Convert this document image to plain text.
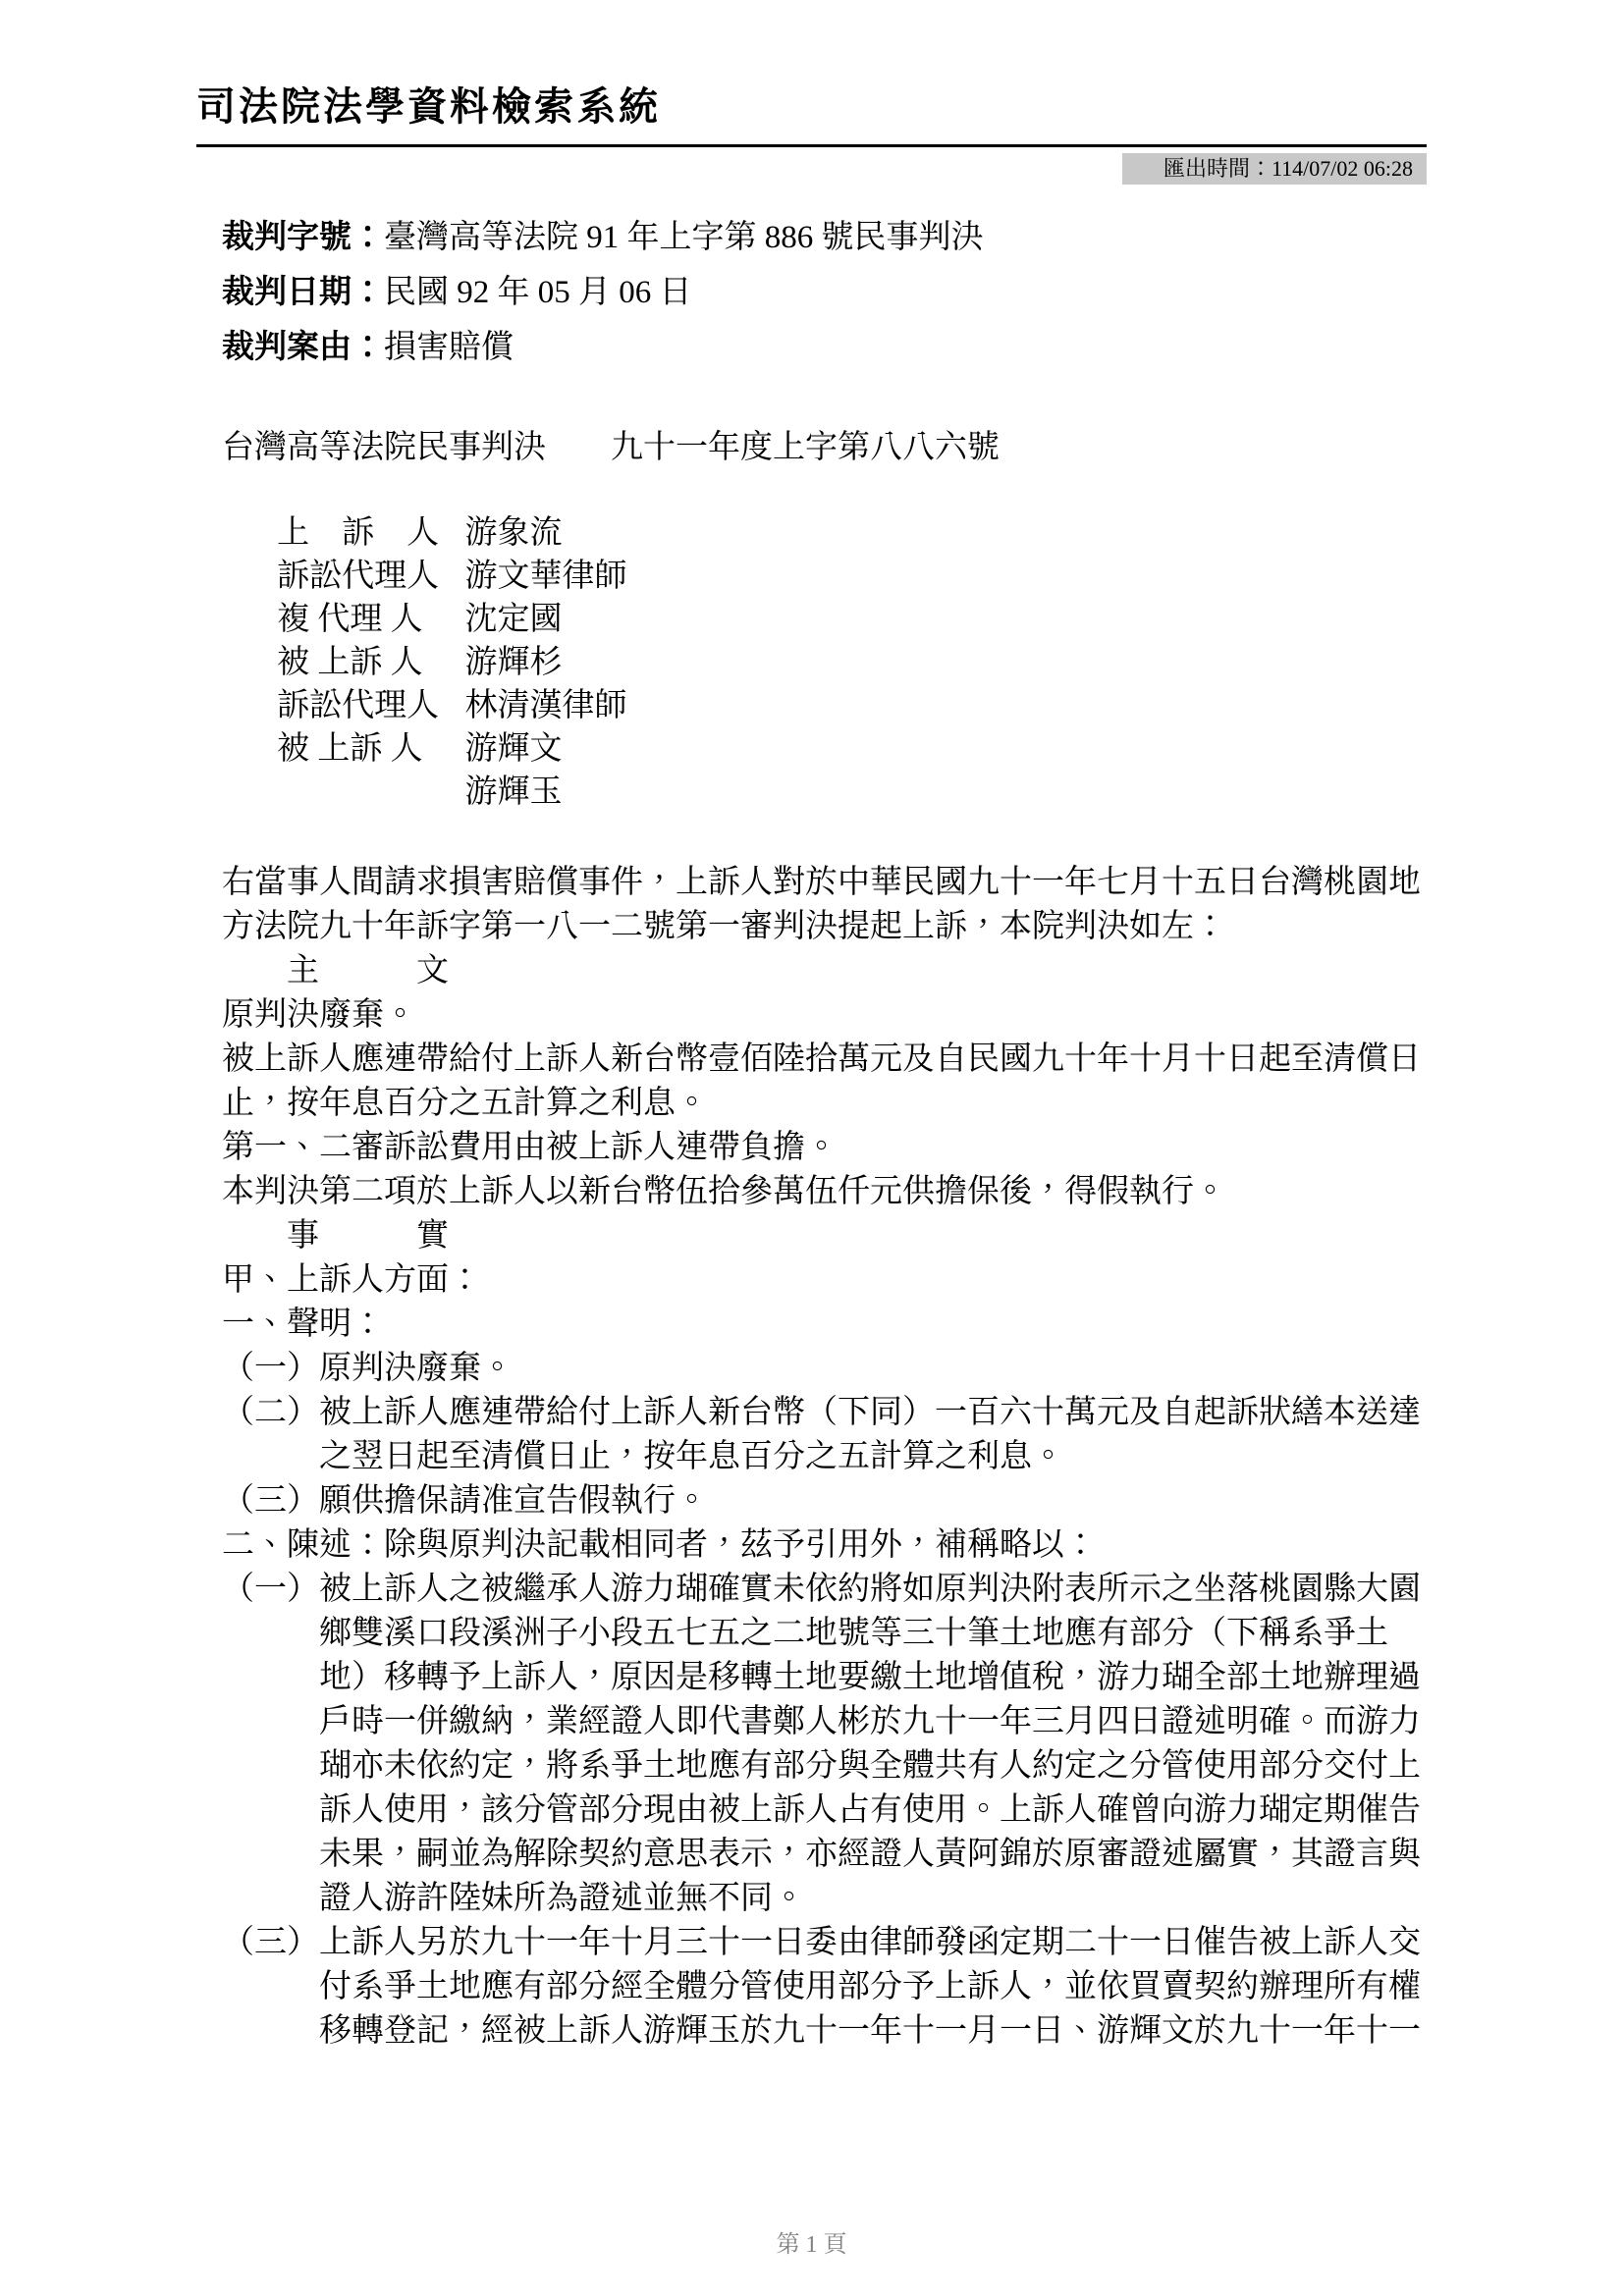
司法院法學資料檢索系統
匯出時間：114/07/02 06:28
裁判字號：臺灣高等法院 91 年上字第 886 號民事判決
裁判日期：民國 92 年 05 月 06 日
裁判案由：損害賠償
台灣高等法院民事判決　　九十一年度上字第八八六號
上　訴　人 游象流
訴訟代理人 游文華律師
複 代理 人 沈定國
被 上訴 人 游輝杉
訴訟代理人 林清漢律師
被 上訴 人 游輝文
游輝玉

右當事人間請求損害賠償事件，上訴人對於中華民國九十一年七月十五日台灣桃園地方法院九十年訴字第一八一二號第一審判決提起上訴，本院判決如左：

　　主　　　文

原判決廢棄。

被上訴人應連帶給付上訴人新台幣壹佰陸拾萬元及自民國九十年十月十日起至清償日止，按年息百分之五計算之利息。

第一、二審訴訟費用由被上訴人連帶負擔。

本判決第二項於上訴人以新台幣伍拾參萬伍仟元供擔保後，得假執行。

　　事　　　實

甲、上訴人方面：

一、聲明：

（一）原判決廢棄。

（二）被上訴人應連帶給付上訴人新台幣（下同）一百六十萬元及自起訴狀繕本送達之翌日起至清償日止，按年息百分之五計算之利息。

（三）願供擔保請准宣告假執行。

二、陳述：除與原判決記載相同者，茲予引用外，補稱略以：

（一）被上訴人之被繼承人游力瑚確實未依約將如原判決附表所示之坐落桃園縣大園鄉雙溪口段溪洲子小段五七五之二地號等三十筆土地應有部分（下稱系爭土地）移轉予上訴人，原因是移轉土地要繳土地增值稅，游力瑚全部土地辦理過戶時一併繳納，業經證人即代書鄭人彬於九十一年三月四日證述明確。而游力瑚亦未依約定，將系爭土地應有部分與全體共有人約定之分管使用部分交付上訴人使用，該分管部分現由被上訴人占有使用。上訴人確曾向游力瑚定期催告未果，嗣並為解除契約意思表示，亦經證人黃阿錦於原審證述屬實，其證言與證人游許陸妹所為證述並無不同。

（三）上訴人另於九十一年十月三十一日委由律師發函定期二十一日催告被上訴人交付系爭土地應有部分經全體分管使用部分予上訴人，並依買賣契約辦理所有權移轉登記，經被上訴人游輝玉於九十一年十一月一日、游輝文於九十一年十一

第 1 頁
